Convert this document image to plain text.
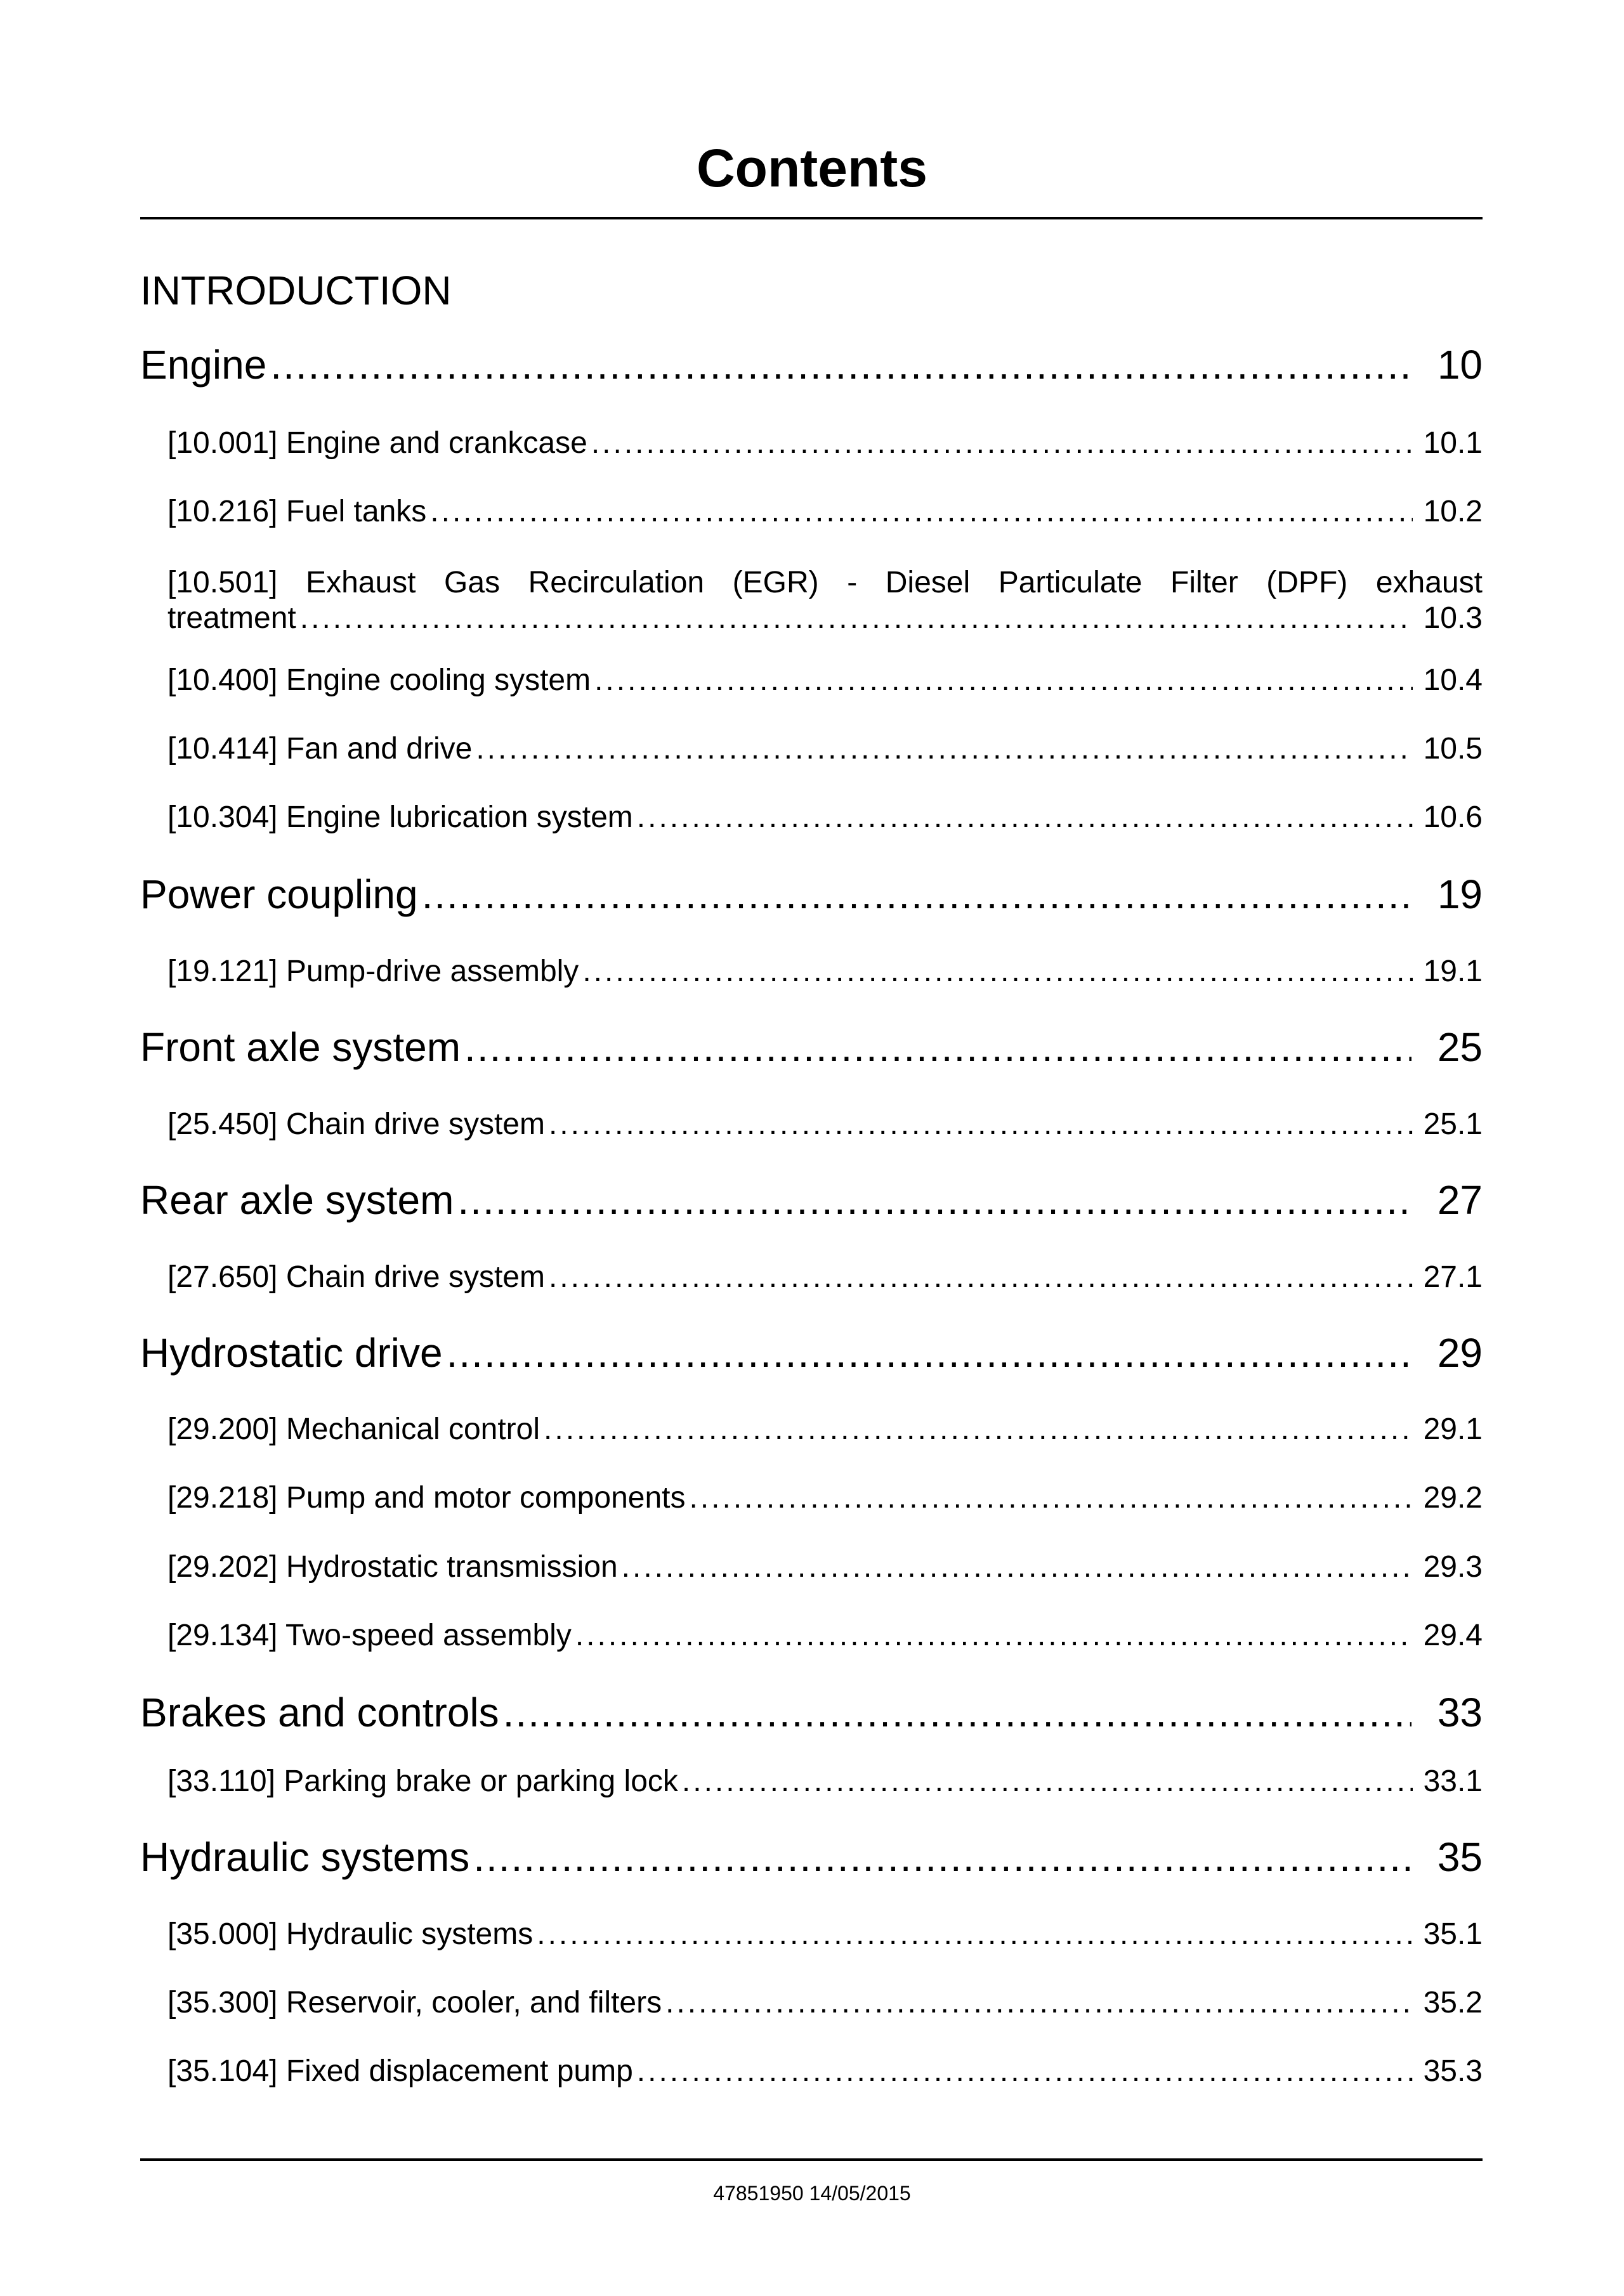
Contents
INTRODUCTION
Engine .....	10
[10.001] Engine and crankcase .....	10.1
[10.216] Fuel tanks .....	10.2
[10.501] Exhaust Gas Recirculation (EGR) - Diesel Particulate Filter (DPF) exhaust
treatment .....	10.3
[10.400] Engine cooling system .....	10.4
[10.414] Fan and drive .....	10.5
[10.304] Engine lubrication system .....	10.6
Power coupling .....	19
[19.121] Pump-drive assembly .....	19.1
Front axle system .....	25
[25.450] Chain drive system .....	25.1
Rear axle system .....	27
[27.650] Chain drive system .....	27.1
Hydrostatic drive .....	29
[29.200] Mechanical control .....	29.1
[29.218] Pump and motor components .....	29.2
[29.202] Hydrostatic transmission .....	29.3
[29.134] Two-speed assembly .....	29.4
Brakes and controls .....	33
[33.110] Parking brake or parking lock .....	33.1
Hydraulic systems .....	35
[35.000] Hydraulic systems .....	35.1
[35.300] Reservoir, cooler, and filters .....	35.2
[35.104] Fixed displacement pump .....	35.3
47851950 14/05/2015
